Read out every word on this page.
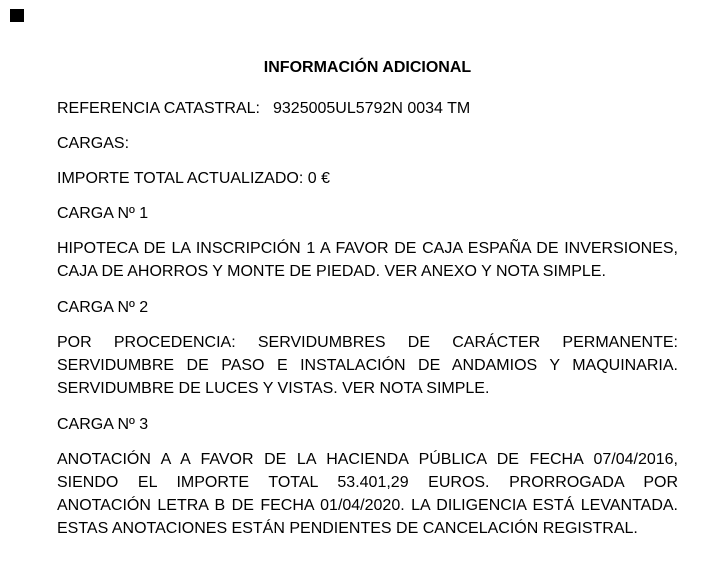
INFORMACIÓN ADICIONAL
REFERENCIA CATASTRAL: 9325005UL5792N 0034 TM
CARGAS:
IMPORTE TOTAL ACTUALIZADO: 0 €
CARGA Nº 1
HIPOTECA DE LA INSCRIPCIÓN 1 A FAVOR DE CAJA ESPAÑA DE INVERSIONES,
CAJA DE AHORROS Y MONTE DE PIEDAD. VER ANEXO Y NOTA SIMPLE.
CARGA Nº 2
POR PROCEDENCIA: SERVIDUMBRES DE CARÁCTER PERMANENTE:
SERVIDUMBRE DE PASO E INSTALACIÓN DE ANDAMIOS Y MAQUINARIA.
SERVIDUMBRE DE LUCES Y VISTAS. VER NOTA SIMPLE.
CARGA Nº 3
ANOTACIÓN A A FAVOR DE LA HACIENDA PÚBLICA DE FECHA 07/04/2016,
SIENDO EL IMPORTE TOTAL 53.401,29 EUROS. PRORROGADA POR
ANOTACIÓN LETRA B DE FECHA 01/04/2020. LA DILIGENCIA ESTÁ LEVANTADA.
ESTAS ANOTACIONES ESTÁN PENDIENTES DE CANCELACIÓN REGISTRAL.
